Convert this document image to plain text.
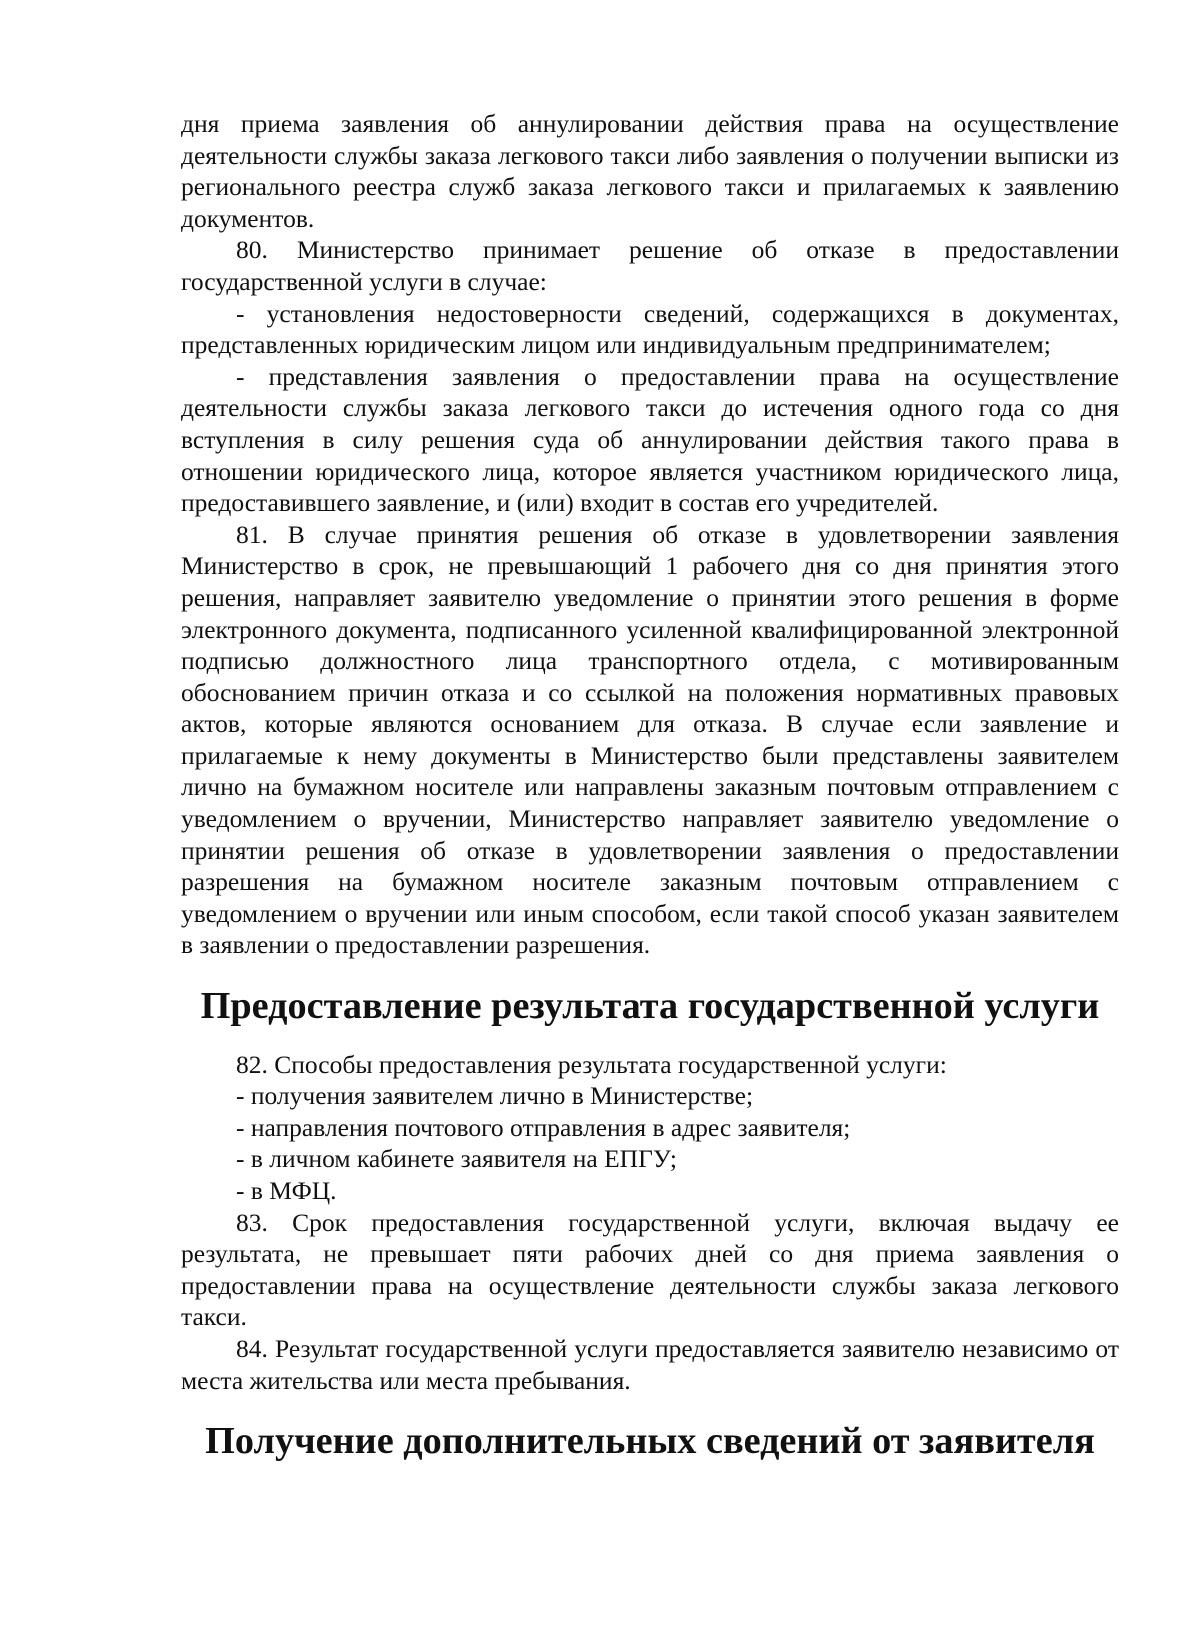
дня приема заявления об аннулировании действия права на осуществление деятельности службы заказа легкового такси либо заявления о получении выписки из регионального реестра служб заказа легкового такси и прилагаемых к заявлению документов.

80. Министерство принимает решение об отказе в предоставлении государственной услуги в случае:

- установления недостоверности сведений, содержащихся в документах, представленных юридическим лицом или индивидуальным предпринимателем;

- представления заявления о предоставлении права на осуществление деятельности службы заказа легкового такси до истечения одного года со дня вступления в силу решения суда об аннулировании действия такого права в отношении юридического лица, которое является участником юридического лица, предоставившего заявление, и (или) входит в состав его учредителей.

81. В случае принятия решения об отказе в удовлетворении заявления Министерство в срок, не превышающий 1 рабочего дня со дня принятия этого решения, направляет заявителю уведомление о принятии этого решения в форме электронного документа, подписанного усиленной квалифицированной электронной подписью должностного лица транспортного отдела, с мотивированным обоснованием причин отказа и со ссылкой на положения нормативных правовых актов, которые являются основанием для отказа. В случае если заявление и прилагаемые к нему документы в Министерство были представлены заявителем лично на бумажном носителе или направлены заказным почтовым отправлением с уведомлением о вручении, Министерство направляет заявителю уведомление о принятии решения об отказе в удовлетворении заявления о предоставлении разрешения на бумажном носителе заказным почтовым отправлением с уведомлением о вручении или иным способом, если такой способ указан заявителем в заявлении о предоставлении разрешения.

Предоставление результата государственной услуги

82. Способы предоставления результата государственной услуги:

- получения заявителем лично в Министерстве;

- направления почтового отправления в адрес заявителя;

- в личном кабинете заявителя на ЕПГУ;

- в МФЦ.

83. Срок предоставления государственной услуги, включая выдачу ее результата, не превышает пяти рабочих дней со дня приема заявления о предоставлении права на осуществление деятельности службы заказа легкового такси.

84. Результат государственной услуги предоставляется заявителю независимо от места жительства или места пребывания.

Получение дополнительных сведений от заявителя
